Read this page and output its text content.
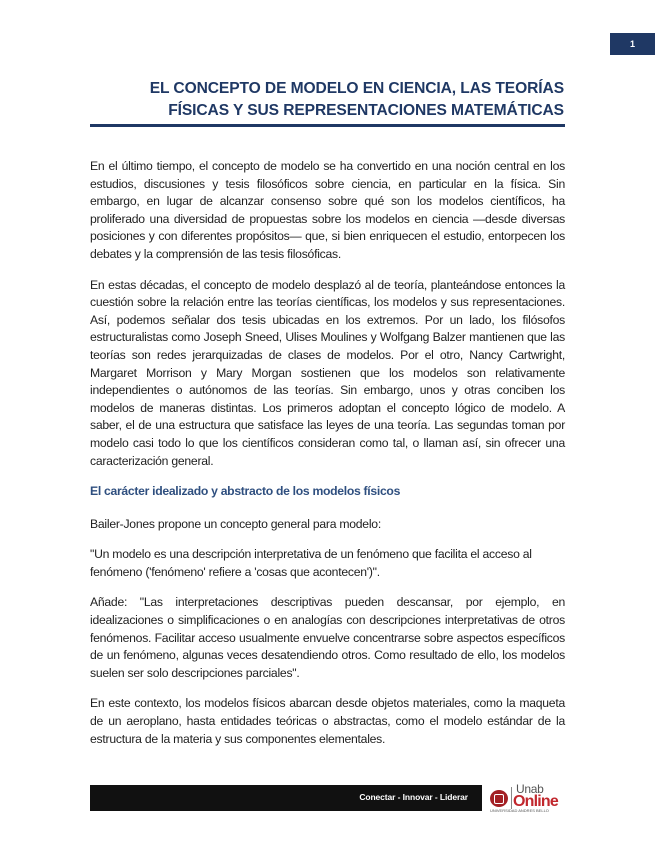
1
EL CONCEPTO DE MODELO EN CIENCIA, LAS TEORÍAS
FÍSICAS Y SUS REPRESENTACIONES MATEMÁTICAS

En el último tiempo, el concepto de modelo se ha convertido en una noción central en los estudios, discusiones y tesis filosóficos sobre ciencia, en particular en la física. Sin embargo, en lugar de alcanzar consenso sobre qué son los modelos científicos, ha proliferado una diversidad de propuestas sobre los modelos en ciencia —desde diversas posiciones y con diferentes propósitos— que, si bien enriquecen el estudio, entorpecen los debates y la comprensión de las tesis filosóficas.

En estas décadas, el concepto de modelo desplazó al de teoría, planteándose entonces la cuestión sobre la relación entre las teorías científicas, los modelos y sus representaciones. Así, podemos señalar dos tesis ubicadas en los extremos. Por un lado, los filósofos estructuralistas como Joseph Sneed, Ulises Moulines y Wolfgang Balzer mantienen que las teorías son redes jerarquizadas de clases de modelos. Por el otro, Nancy Cartwright, Margaret Morrison y Mary Morgan sostienen que los modelos son relativamente independientes o autónomos de las teorías. Sin embargo, unos y otras conciben los modelos de maneras distintas. Los primeros adoptan el concepto lógico de modelo. A saber, el de una estructura que satisface las leyes de una teoría. Las segundas toman por modelo casi todo lo que los científicos consideran como tal, o llaman así, sin ofrecer una caracterización general.

El carácter idealizado y abstracto de los modelos físicos

Bailer-Jones propone un concepto general para modelo:

"Un modelo es una descripción interpretativa de un fenómeno que facilita el acceso al fenómeno ('fenómeno' refiere a 'cosas que acontecen')".

Añade: "Las interpretaciones descriptivas pueden descansar, por ejemplo, en idealizaciones o simplificaciones o en analogías con descripciones interpretativas de otros fenómenos. Facilitar acceso usualmente envuelve concentrarse sobre aspectos específicos de un fenómeno, algunas veces desatendiendo otros. Como resultado de ello, los modelos suelen ser solo descripciones parciales".

En este contexto, los modelos físicos abarcan desde objetos materiales, como la maqueta de un aeroplano, hasta entidades teóricas o abstractas, como el modelo estándar de la estructura de la materia y sus componentes elementales.

Conectar - Innovar - Liderar
Unab
Online
UNIVERSIDAD ANDRES BELLO
